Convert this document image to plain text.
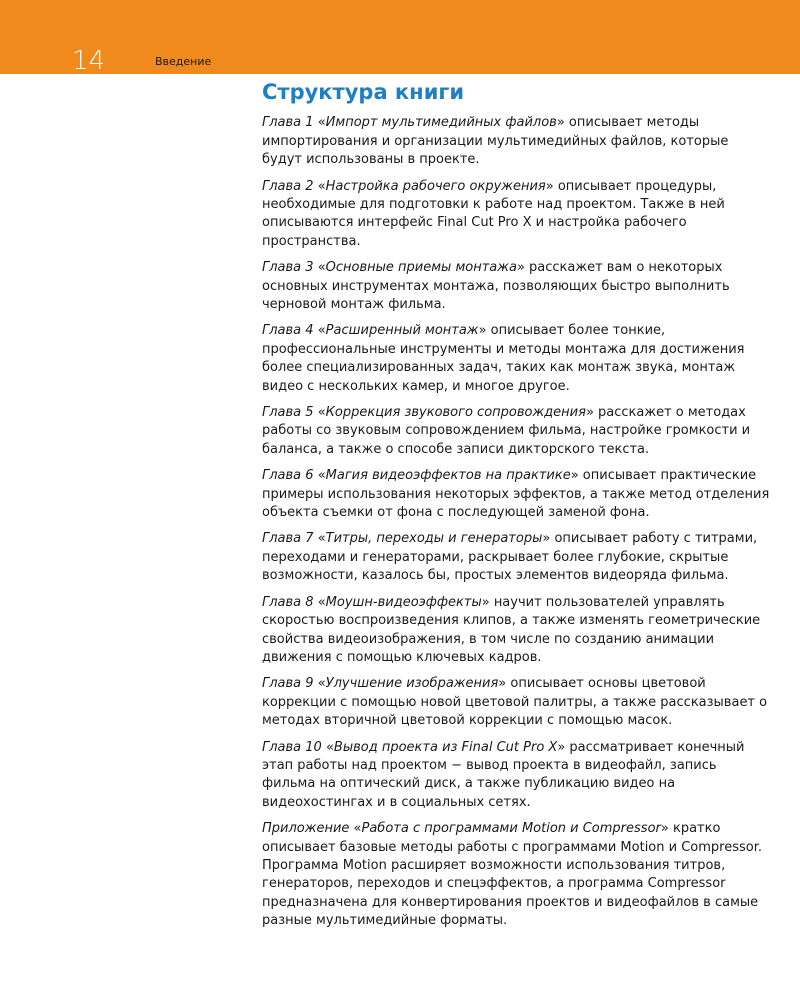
14	Введение
Структура книги

Глава 1 «Импорт мультимедийных файлов» описывает методы импортирования и организации мультимедийных файлов, которые будут использованы в проекте.

Глава 2 «Настройка рабочего окружения» описывает процедуры, необходимые для подготовки к работе над проектом. Также в ней описываются интерфейс Final Cut Pro X и настройка рабочего пространства.

Глава 3 «Основные приемы монтажа» расскажет вам о некоторых основных инструментах монтажа, позволяющих быстро выполнить черновой монтаж фильма.

Глава 4 «Расширенный монтаж» описывает более тонкие, профессиональные инструменты и методы монтажа для достижения более специализированных задач, таких как монтаж звука, монтаж видео с нескольких камер, и многое другое.

Глава 5 «Коррекция звукового сопровождения» расскажет о методах работы со звуковым сопровождением фильма, настройке громкости и баланса, а также о способе записи дикторского текста.

Глава 6 «Магия видеоэффектов на практике» описывает практические примеры использования некоторых эффектов, а также метод отделения объекта съемки от фона с последующей заменой фона.

Глава 7 «Титры, переходы и генераторы» описывает работу с титрами, переходами и генераторами, раскрывает более глубокие, скрытые возможности, казалось бы, простых элементов видеоряда фильма.

Глава 8 «Моушн-видеоэффекты» научит пользователей управлять скоростью воспроизведения клипов, а также изменять геометрические свойства видеоизображения, в том числе по созданию анимации движения с помощью ключевых кадров.

Глава 9 «Улучшение изображения» описывает основы цветовой коррекции с помощью новой цветовой палитры, а также рассказывает о методах вторичной цветовой коррекции с помощью масок.

Глава 10 «Вывод проекта из Final Cut Pro X» рассматривает конечный этап работы над проектом − вывод проекта в видеофайл, запись фильма на оптический диск, а также публикацию видео на видеохостингах и в социальных сетях.

Приложение «Работа с программами Motion и Compressor» кратко описывает базовые методы работы с программами Motion и Compressor. Программа Motion расширяет возможности использования титров, генераторов, переходов и спецэффектов, а программа Compressor предназначена для конвертирования проектов и видеофайлов в самые разные мультимедийные форматы.
